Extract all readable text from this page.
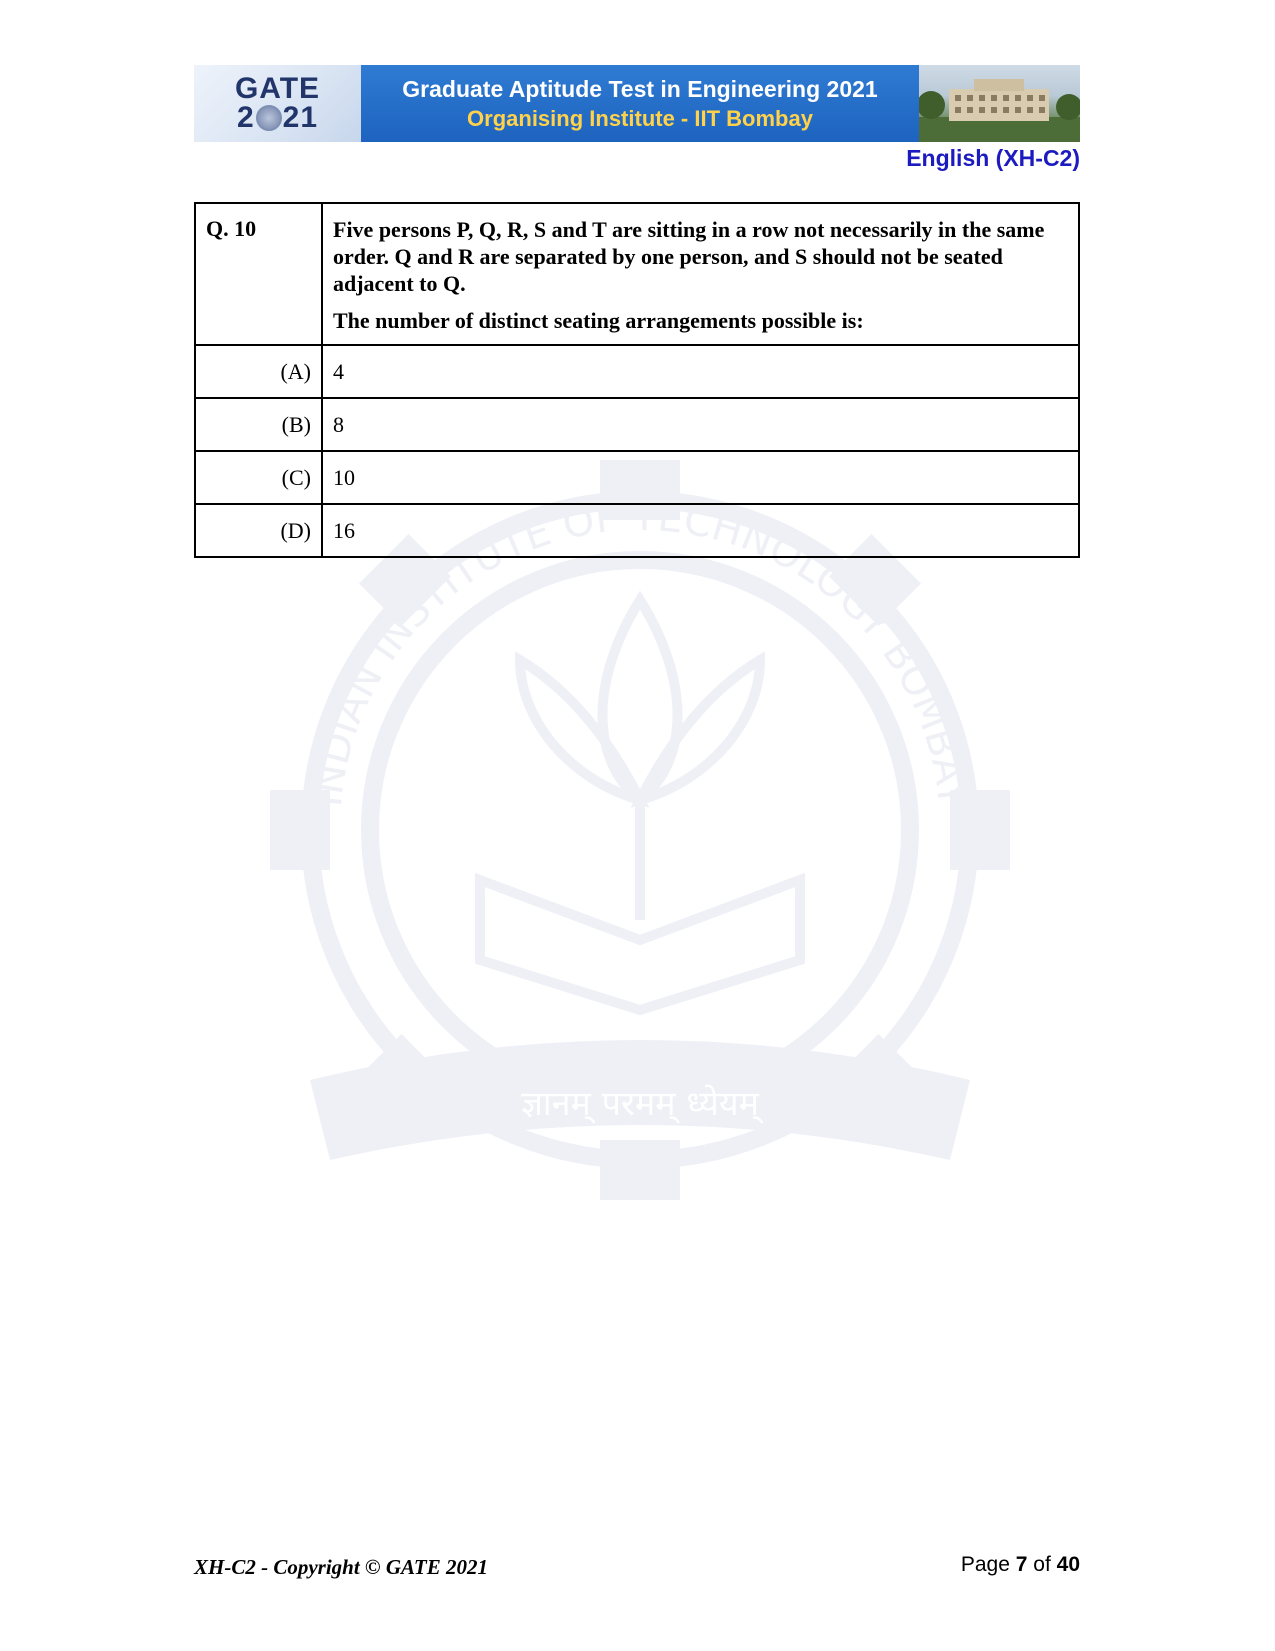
INDIAN INSTITUTE OF TECHNOLOGY BOMBAY
ज्ञानम् परमम् ध्येयम्
GATE
2 21
Graduate Aptitude Test in Engineering 2021
Organising Institute - IIT Bombay
English (XH-C2)
Q. 10	Five persons P, Q, R, S and T are sitting in a row not necessarily in the same order. Q and R are separated by one person, and S should not be seated adjacent to Q.

The number of distinct seating arrangements possible is:

(A)	4
(B)	8
(C)	10
(D)	16
XH-C2 - Copyright © GATE 2021	Page 7 of 40
